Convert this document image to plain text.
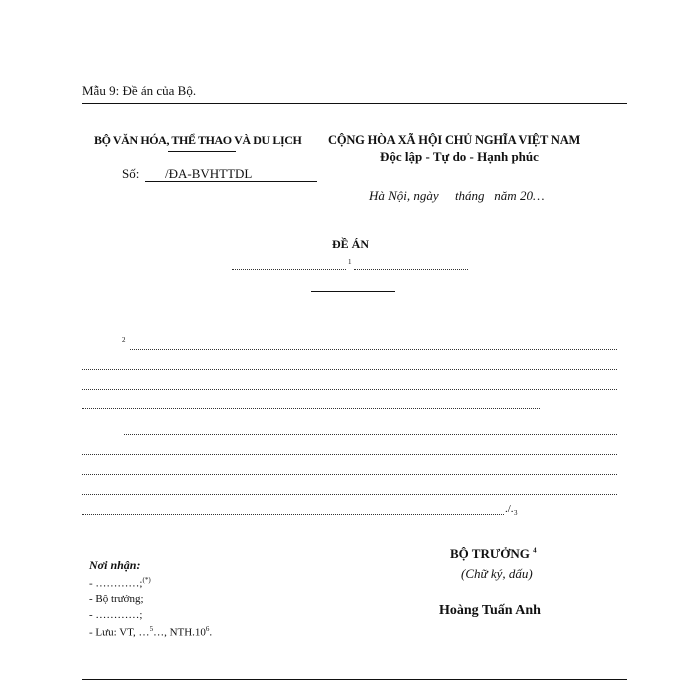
Mẫu 9: Đề án của Bộ.
BỘ VĂN HÓA, THỂ THAO VÀ DU LỊCH
Số: /ĐA-BVHTTDL
CỘNG HÒA XÃ HỘI CHỦ NGHĨA VIỆT NAM
Độc lập - Tự do - Hạnh phúc
Hà Nội, ngày     tháng   năm 20…
ĐỀ ÁN
1
2
./. 3
Nơi nhận:
- …………;(*)
- Bộ trưởng;
- …………;
- Lưu: VT, …$^5$…, $NTH.10^6$.
BỘ TRƯỞNG $^4$
(Chữ ký, dấu)
Hoàng Tuấn Anh
